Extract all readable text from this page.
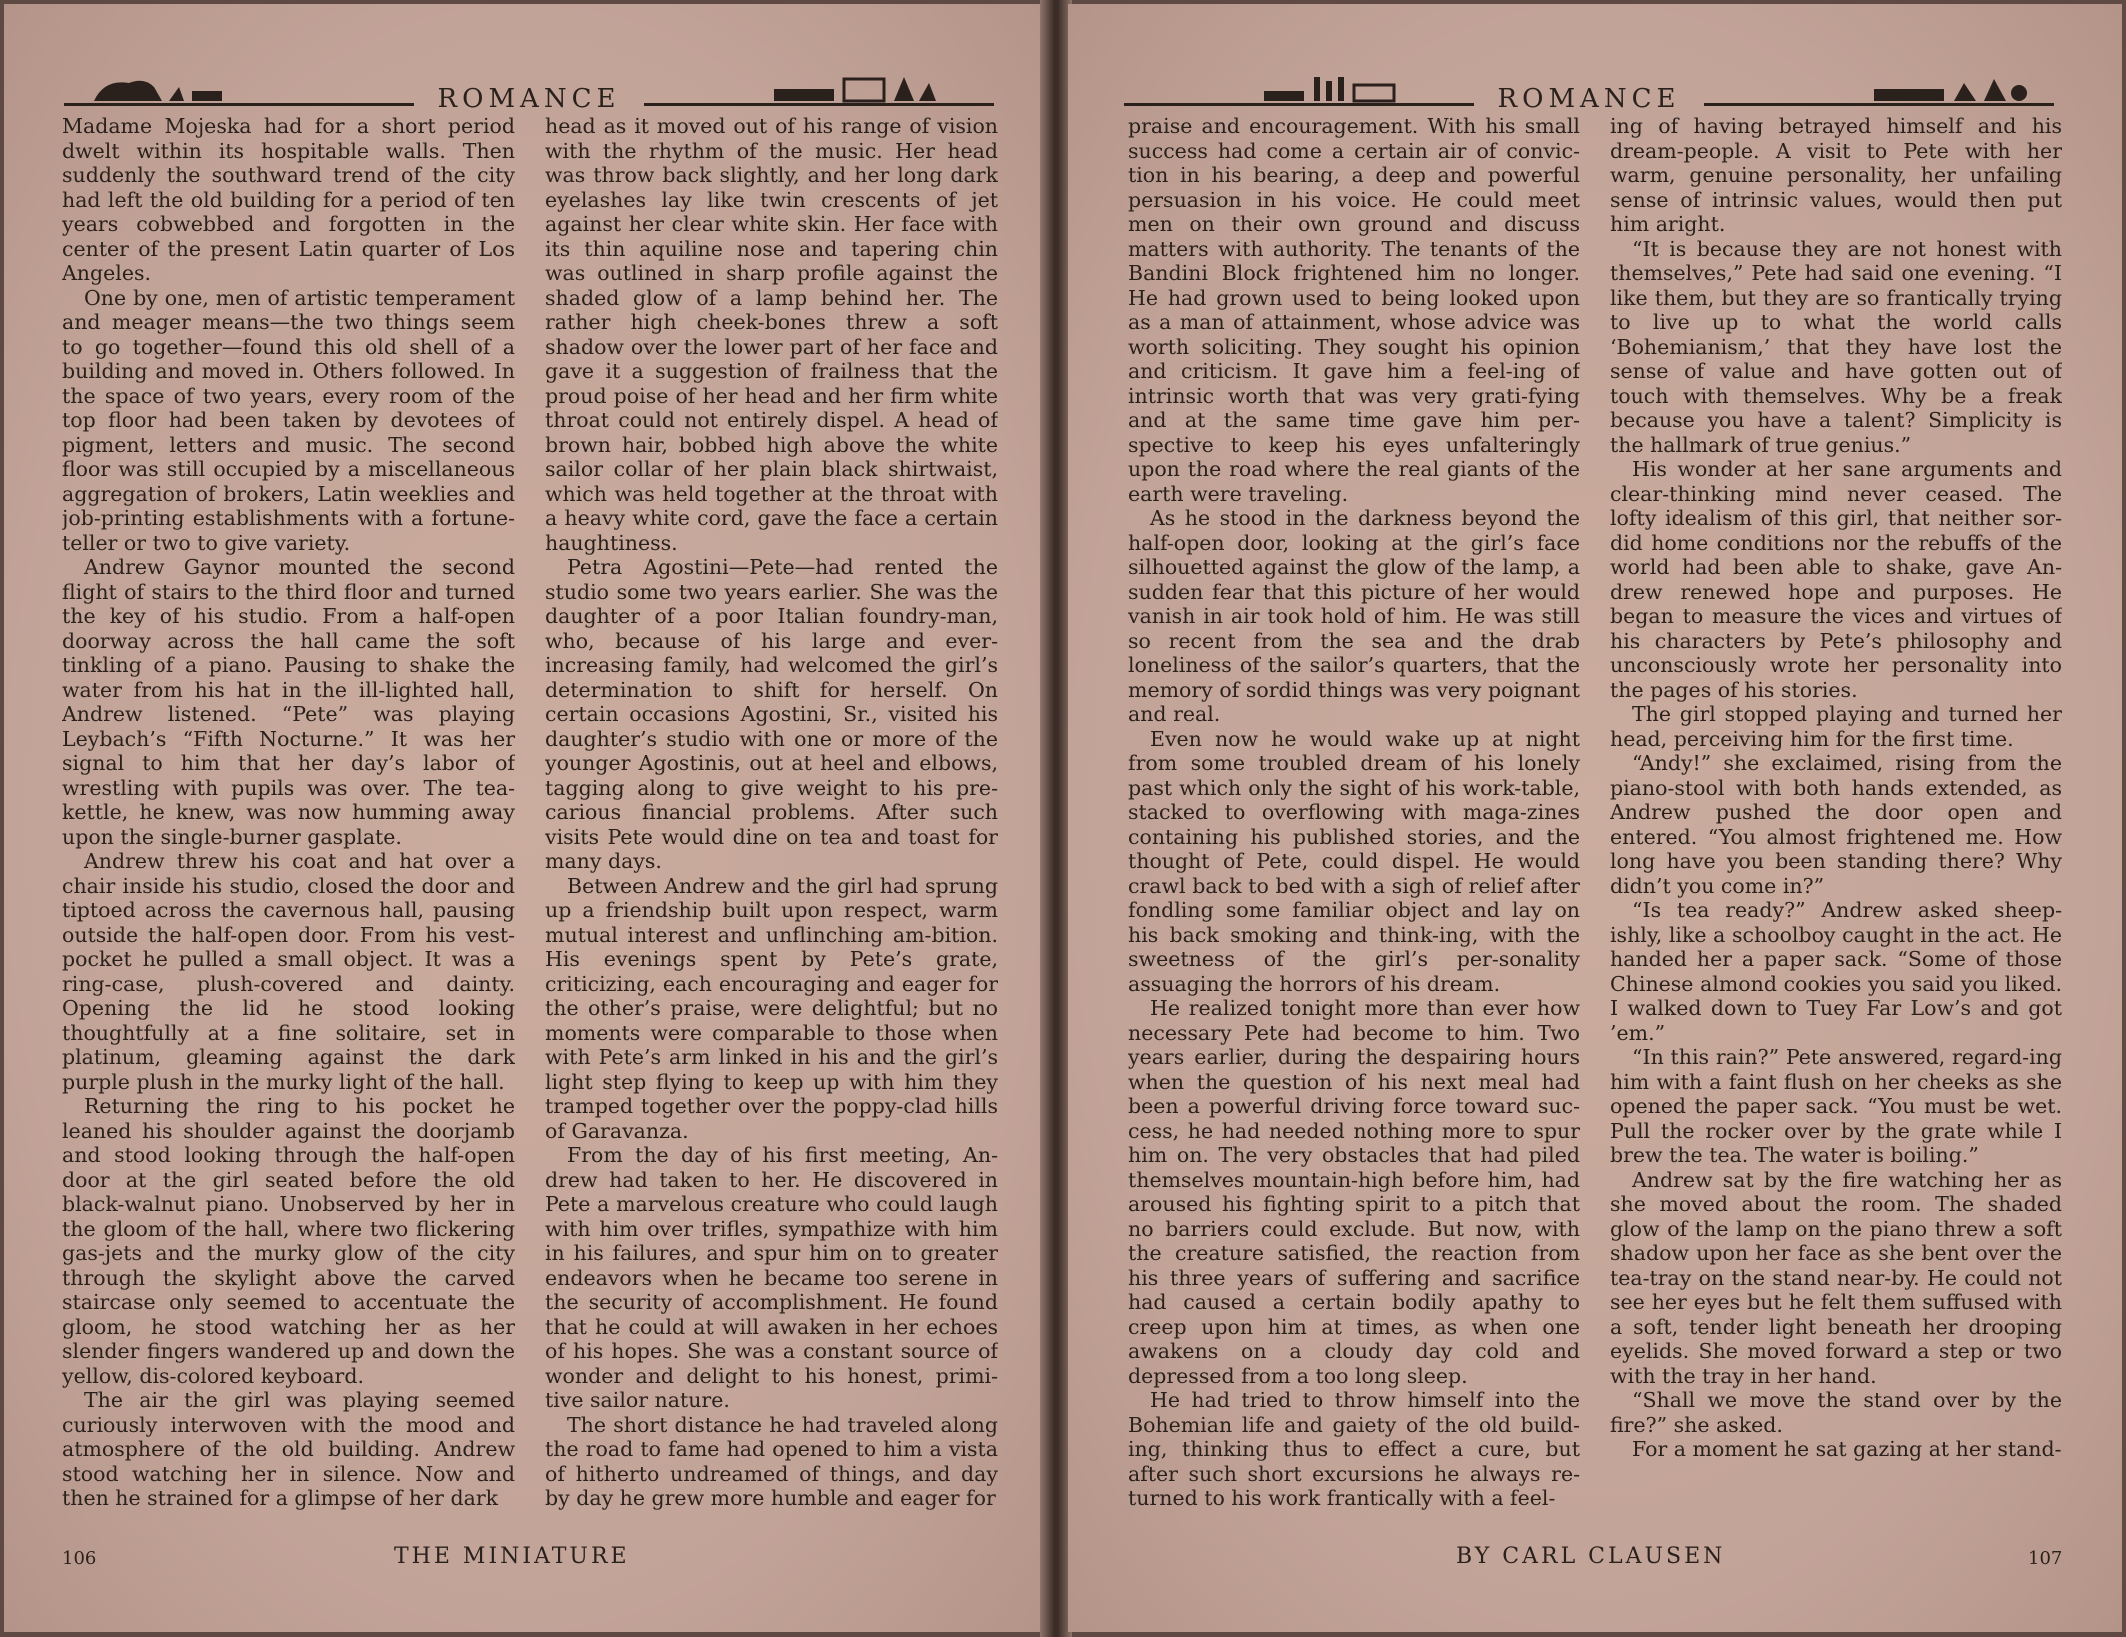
ROMANCE

Madame Mojeska had for a short period dwelt within its hospitable walls. Then suddenly the southward trend of the city had left the old building for a period of ten years cobwebbed and forgotten in the center of the present Latin quarter of Los Angeles.

One by one, men of artistic temperament and meager means—the two things seem to go together—found this old shell of a building and moved in. Others followed. In the space of two years, every room of the top floor had been taken by devotees of pigment, letters and music. The second floor was still occupied by a miscellaneous aggregation of brokers, Latin weeklies and job-printing establishments with a fortune-teller or two to give variety.

Andrew Gaynor mounted the second flight of stairs to the third floor and turned the key of his studio. From a half-open doorway across the hall came the soft tinkling of a piano. Pausing to shake the water from his hat in the ill-lighted hall, Andrew listened. “Pete” was playing Leybach’s “Fifth Nocturne.” It was her signal to him that her day’s labor of wrestling with pupils was over. The tea-kettle, he knew, was now humming away upon the single-burner gasplate.

Andrew threw his coat and hat over a chair inside his studio, closed the door and tiptoed across the cavernous hall, pausing outside the half-open door. From his vest-pocket he pulled a small object. It was a ring-case, plush-covered and dainty. Opening the lid he stood looking thoughtfully at a fine solitaire, set in platinum, gleaming against the dark purple plush in the murky light of the hall.

Returning the ring to his pocket he leaned his shoulder against the doorjamb and stood looking through the half-open door at the girl seated before the old black-walnut piano. Unobserved by her in the gloom of the hall, where two flickering gas-jets and the murky glow of the city through the skylight above the carved staircase only seemed to accentuate the gloom, he stood watching her as her slender fingers wandered up and down the yellow, dis-colored keyboard.

The air the girl was playing seemed curiously interwoven with the mood and atmosphere of the old building. Andrew stood watching her in silence. Now and then he strained for a glimpse of her dark

head as it moved out of his range of vision with the rhythm of the music. Her head was throw back slightly, and her long dark eyelashes lay like twin crescents of jet against her clear white skin. Her face with its thin aquiline nose and tapering chin was outlined in sharp profile against the shaded glow of a lamp behind her. The rather high cheek-bones threw a soft shadow over the lower part of her face and gave it a suggestion of frailness that the proud poise of her head and her firm white throat could not entirely dispel. A head of brown hair, bobbed high above the white sailor collar of her plain black shirtwaist, which was held together at the throat with a heavy white cord, gave the face a certain haughtiness.

Petra Agostini—Pete—had rented the studio some two years earlier. She was the daughter of a poor Italian foundry-man, who, because of his large and ever-increasing family, had welcomed the girl’s determination to shift for herself. On certain occasions Agostini, Sr., visited his daughter’s studio with one or more of the younger Agostinis, out at heel and elbows, tagging along to give weight to his pre-carious financial problems. After such visits Pete would dine on tea and toast for many days.

Between Andrew and the girl had sprung up a friendship built upon respect, warm mutual interest and unflinching am-bition. His evenings spent by Pete’s grate, criticizing, each encouraging and eager for the other’s praise, were delightful; but no moments were comparable to those when with Pete’s arm linked in his and the girl’s light step flying to keep up with him they tramped together over the poppy-clad hills of Garavanza.

From the day of his first meeting, An-drew had taken to her. He discovered in Pete a marvelous creature who could laugh with him over trifles, sympathize with him in his failures, and spur him on to greater endeavors when he became too serene in the security of accomplishment. He found that he could at will awaken in her echoes of his hopes. She was a constant source of wonder and delight to his honest, primi-tive sailor nature.

The short distance he had traveled along the road to fame had opened to him a vista of hitherto undreamed of things, and day by day he grew more humble and eager for

106	THE MINIATURE
ROMANCE

praise and encouragement. With his small success had come a certain air of convic-tion in his bearing, a deep and powerful persuasion in his voice. He could meet men on their own ground and discuss matters with authority. The tenants of the Bandini Block frightened him no longer. He had grown used to being looked upon as a man of attainment, whose advice was worth soliciting. They sought his opinion and criticism. It gave him a feel-ing of intrinsic worth that was very grati-fying and at the same time gave him per-spective to keep his eyes unfalteringly upon the road where the real giants of the earth were traveling.

As he stood in the darkness beyond the half-open door, looking at the girl’s face silhouetted against the glow of the lamp, a sudden fear that this picture of her would vanish in air took hold of him. He was still so recent from the sea and the drab loneliness of the sailor’s quarters, that the memory of sordid things was very poignant and real.

Even now he would wake up at night from some troubled dream of his lonely past which only the sight of his work-table, stacked to overflowing with maga-zines containing his published stories, and the thought of Pete, could dispel. He would crawl back to bed with a sigh of relief after fondling some familiar object and lay on his back smoking and think-ing, with the sweetness of the girl’s per-sonality assuaging the horrors of his dream.

He realized tonight more than ever how necessary Pete had become to him. Two years earlier, during the despairing hours when the question of his next meal had been a powerful driving force toward suc-cess, he had needed nothing more to spur him on. The very obstacles that had piled themselves mountain-high before him, had aroused his fighting spirit to a pitch that no barriers could exclude. But now, with the creature satisfied, the reaction from his three years of suffering and sacrifice had caused a certain bodily apathy to creep upon him at times, as when one awakens on a cloudy day cold and depressed from a too long sleep.

He had tried to throw himself into the Bohemian life and gaiety of the old build-ing, thinking thus to effect a cure, but after such short excursions he always re-turned to his work frantically with a feel-

ing of having betrayed himself and his dream-people. A visit to Pete with her warm, genuine personality, her unfailing sense of intrinsic values, would then put him aright.

“It is because they are not honest with themselves,” Pete had said one evening. “I like them, but they are so frantically trying to live up to what the world calls ‘Bohemianism,’ that they have lost the sense of value and have gotten out of touch with themselves. Why be a freak because you have a talent? Simplicity is the hallmark of true genius.”

His wonder at her sane arguments and clear-thinking mind never ceased. The lofty idealism of this girl, that neither sor-did home conditions nor the rebuffs of the world had been able to shake, gave An-drew renewed hope and purposes. He began to measure the vices and virtues of his characters by Pete’s philosophy and unconsciously wrote her personality into the pages of his stories.

The girl stopped playing and turned her head, perceiving him for the first time.

“Andy!” she exclaimed, rising from the piano-stool with both hands extended, as Andrew pushed the door open and entered. “You almost frightened me. How long have you been standing there? Why didn’t you come in?”

“Is tea ready?” Andrew asked sheep-ishly, like a schoolboy caught in the act. He handed her a paper sack. “Some of those Chinese almond cookies you said you liked. I walked down to Tuey Far Low’s and got ’em.”

“In this rain?” Pete answered, regard-ing him with a faint flush on her cheeks as she opened the paper sack. “You must be wet. Pull the rocker over by the grate while I brew the tea. The water is boiling.”

Andrew sat by the fire watching her as she moved about the room. The shaded glow of the lamp on the piano threw a soft shadow upon her face as she bent over the tea-tray on the stand near-by. He could not see her eyes but he felt them suffused with a soft, tender light beneath her drooping eyelids. She moved forward a step or two with the tray in her hand.

“Shall we move the stand over by the fire?” she asked.

For a moment he sat gazing at her stand-

BY CARL CLAUSEN	107
